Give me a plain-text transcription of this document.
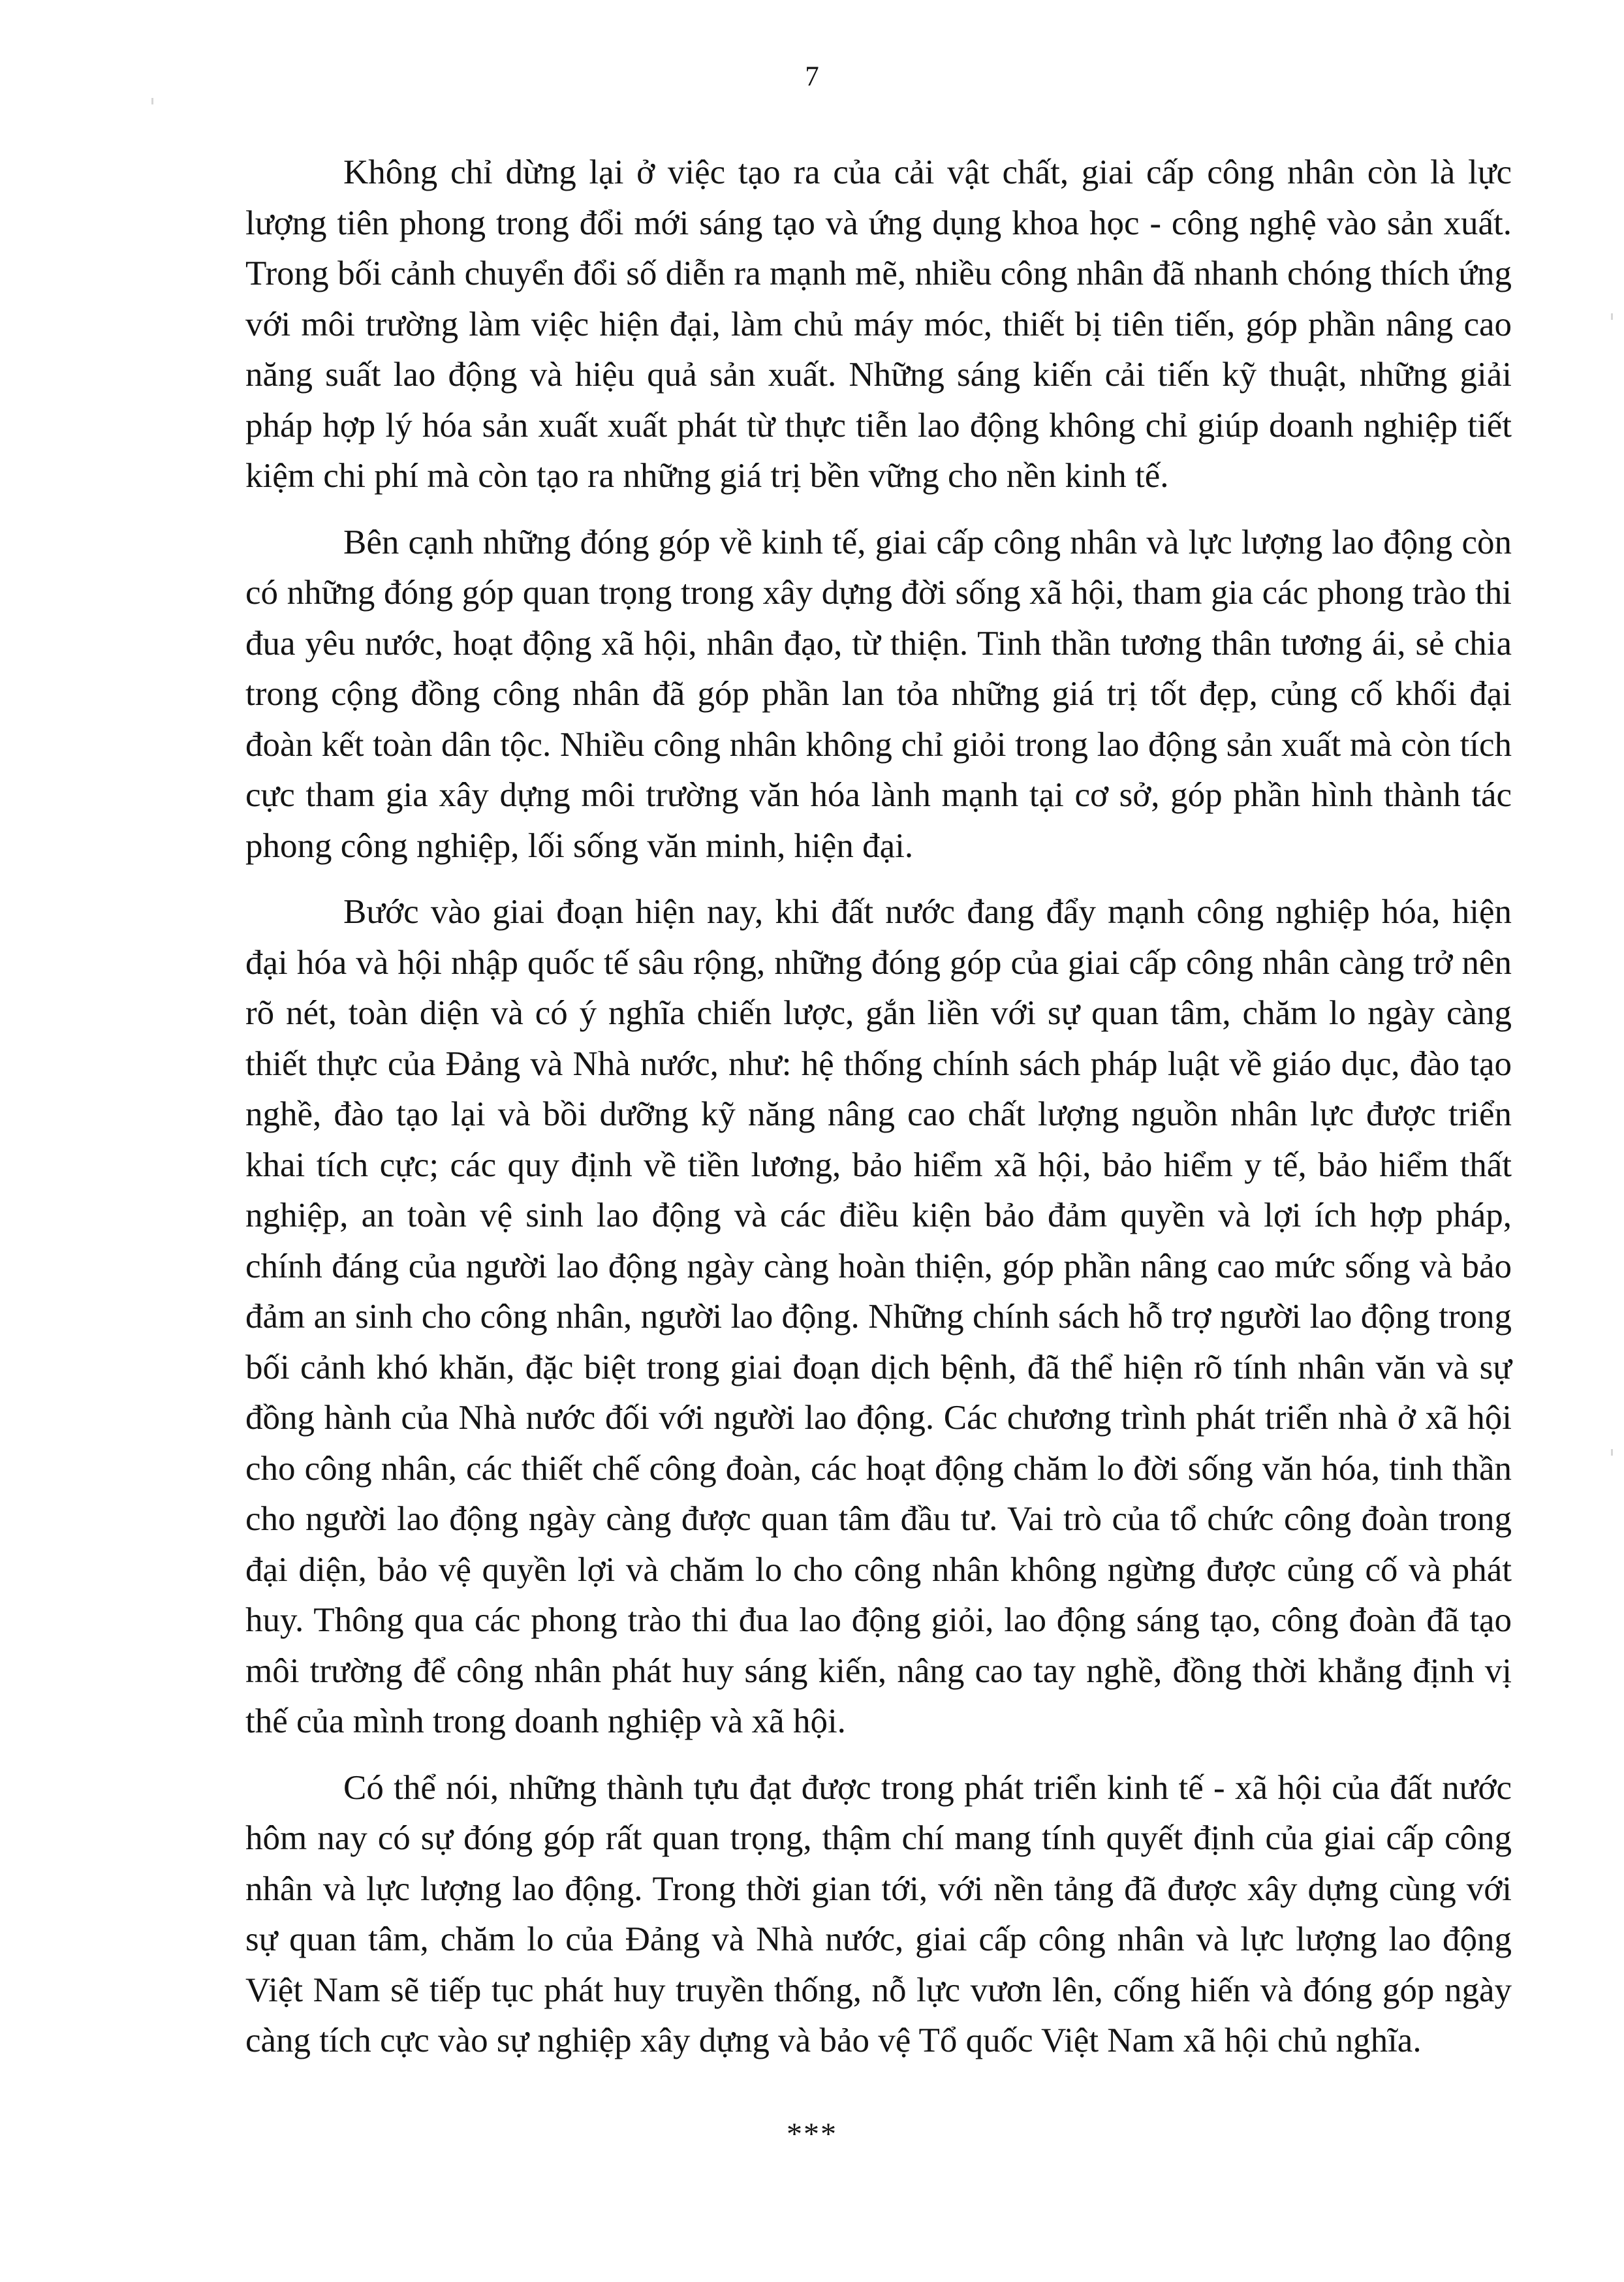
7

Không chỉ dừng lại ở việc tạo ra của cải vật chất, giai cấp công nhân còn là lực lượng tiên phong trong đổi mới sáng tạo và ứng dụng khoa học - công nghệ vào sản xuất. Trong bối cảnh chuyển đổi số diễn ra mạnh mẽ, nhiều công nhân đã nhanh chóng thích ứng với môi trường làm việc hiện đại, làm chủ máy móc, thiết bị tiên tiến, góp phần nâng cao năng suất lao động và hiệu quả sản xuất. Những sáng kiến cải tiến kỹ thuật, những giải pháp hợp lý hóa sản xuất xuất phát từ thực tiễn lao động không chỉ giúp doanh nghiệp tiết kiệm chi phí mà còn tạo ra những giá trị bền vững cho nền kinh tế.

Bên cạnh những đóng góp về kinh tế, giai cấp công nhân và lực lượng lao động còn có những đóng góp quan trọng trong xây dựng đời sống xã hội, tham gia các phong trào thi đua yêu nước, hoạt động xã hội, nhân đạo, từ thiện. Tinh thần tương thân tương ái, sẻ chia trong cộng đồng công nhân đã góp phần lan tỏa những giá trị tốt đẹp, củng cố khối đại đoàn kết toàn dân tộc. Nhiều công nhân không chỉ giỏi trong lao động sản xuất mà còn tích cực tham gia xây dựng môi trường văn hóa lành mạnh tại cơ sở, góp phần hình thành tác phong công nghiệp, lối sống văn minh, hiện đại.

Bước vào giai đoạn hiện nay, khi đất nước đang đẩy mạnh công nghiệp hóa, hiện đại hóa và hội nhập quốc tế sâu rộng, những đóng góp của giai cấp công nhân càng trở nên rõ nét, toàn diện và có ý nghĩa chiến lược, gắn liền với sự quan tâm, chăm lo ngày càng thiết thực của Đảng và Nhà nước, như: hệ thống chính sách pháp luật về giáo dục, đào tạo nghề, đào tạo lại và bồi dưỡng kỹ năng nâng cao chất lượng nguồn nhân lực được triển khai tích cực; các quy định về tiền lương, bảo hiểm xã hội, bảo hiểm y tế, bảo hiểm thất nghiệp, an toàn vệ sinh lao động và các điều kiện bảo đảm quyền và lợi ích hợp pháp, chính đáng của người lao động ngày càng hoàn thiện, góp phần nâng cao mức sống và bảo đảm an sinh cho công nhân, người lao động. Những chính sách hỗ trợ người lao động trong bối cảnh khó khăn, đặc biệt trong giai đoạn dịch bệnh, đã thể hiện rõ tính nhân văn và sự đồng hành của Nhà nước đối với người lao động. Các chương trình phát triển nhà ở xã hội cho công nhân, các thiết chế công đoàn, các hoạt động chăm lo đời sống văn hóa, tinh thần cho người lao động ngày càng được quan tâm đầu tư. Vai trò của tổ chức công đoàn trong đại diện, bảo vệ quyền lợi và chăm lo cho công nhân không ngừng được củng cố và phát huy. Thông qua các phong trào thi đua lao động giỏi, lao động sáng tạo, công đoàn đã tạo môi trường để công nhân phát huy sáng kiến, nâng cao tay nghề, đồng thời khẳng định vị thế của mình trong doanh nghiệp và xã hội.

Có thể nói, những thành tựu đạt được trong phát triển kinh tế - xã hội của đất nước hôm nay có sự đóng góp rất quan trọng, thậm chí mang tính quyết định của giai cấp công nhân và lực lượng lao động. Trong thời gian tới, với nền tảng đã được xây dựng cùng với sự quan tâm, chăm lo của Đảng và Nhà nước, giai cấp công nhân và lực lượng lao động Việt Nam sẽ tiếp tục phát huy truyền thống, nỗ lực vươn lên, cống hiến và đóng góp ngày càng tích cực vào sự nghiệp xây dựng và bảo vệ Tổ quốc Việt Nam xã hội chủ nghĩa.

***
